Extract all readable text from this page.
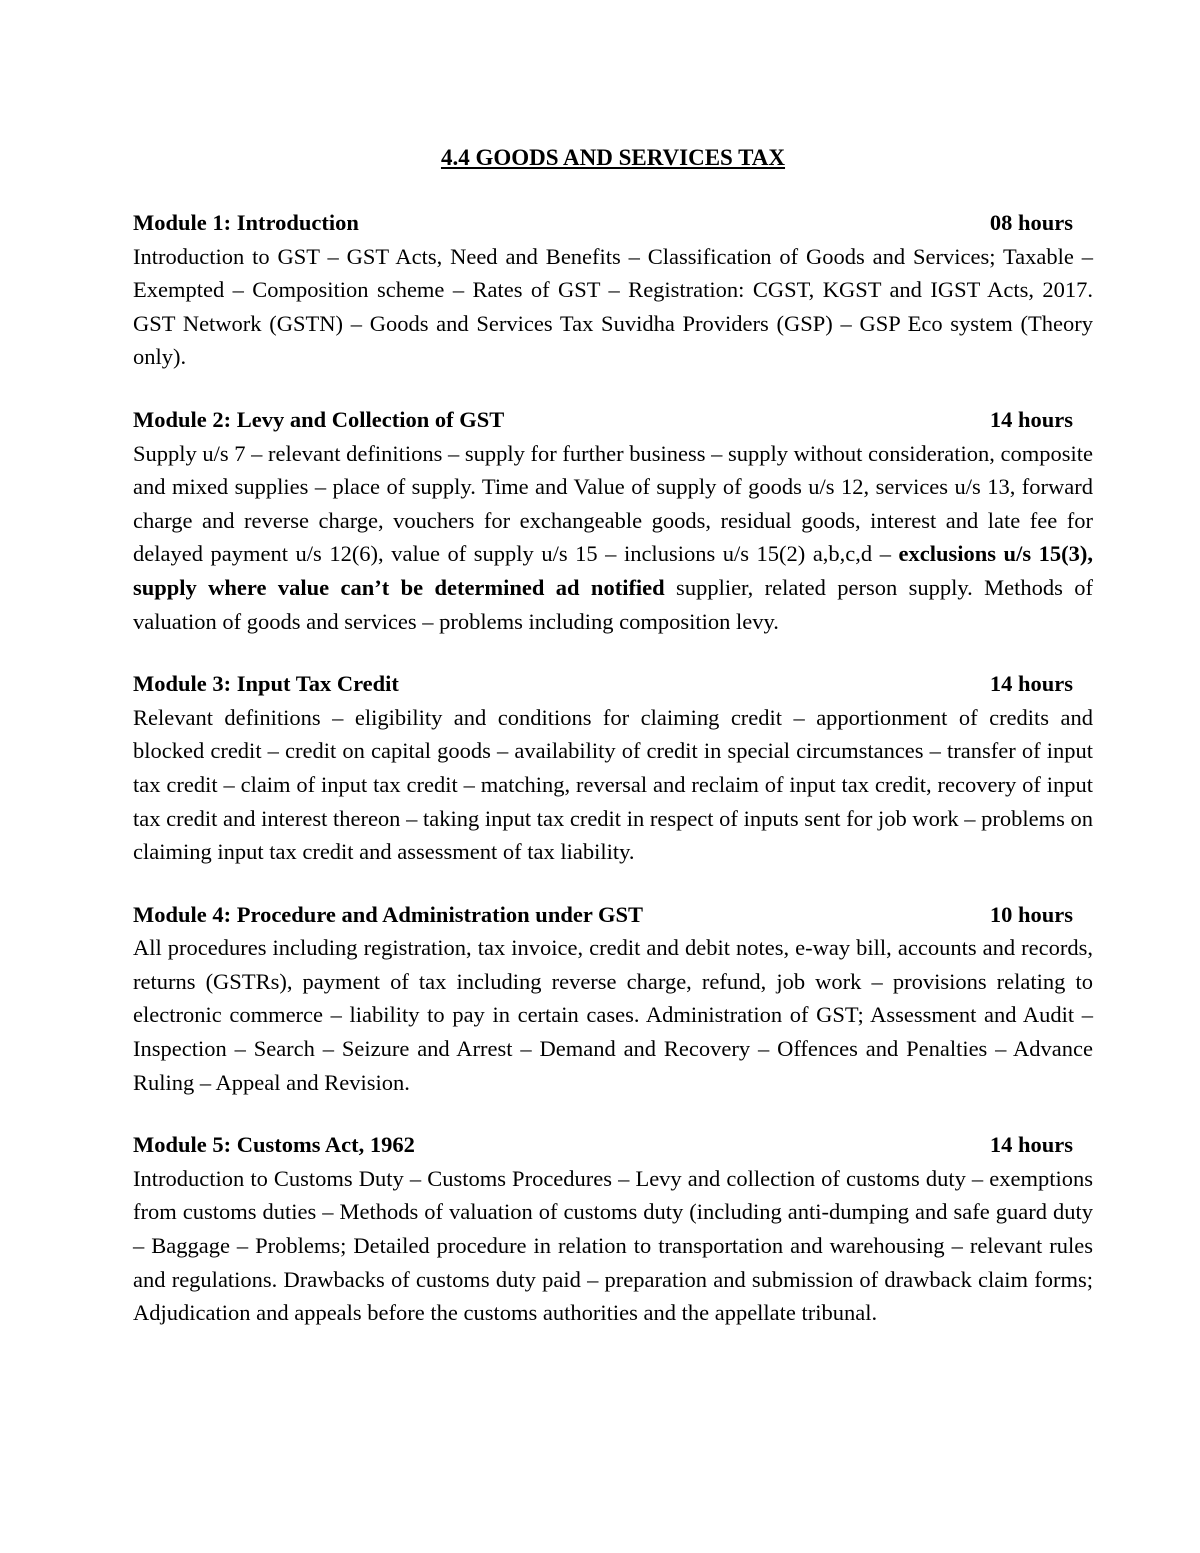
4.4 GOODS AND SERVICES TAX
Module 1: Introduction	08 hours

Introduction to GST – GST Acts, Need and Benefits – Classification of Goods and Services; Taxable – Exempted – Composition scheme – Rates of GST – Registration: CGST, KGST and IGST Acts, 2017. GST Network (GSTN) – Goods and Services Tax Suvidha Providers (GSP) – GSP Eco system (Theory only).

Module 2: Levy and Collection of GST	14 hours

Supply u/s 7 – relevant definitions – supply for further business – supply without consideration, composite and mixed supplies – place of supply. Time and Value of supply of goods u/s 12, services u/s 13, forward charge and reverse charge, vouchers for exchangeable goods, residual goods, interest and late fee for delayed payment u/s 12(6), value of supply u/s 15 – inclusions u/s 15(2) a,b,c,d – exclusions u/s 15(3), supply where value can’t be determined ad notified supplier, related person supply. Methods of valuation of goods and services – problems including composition levy.

Module 3: Input Tax Credit	14 hours

Relevant definitions – eligibility and conditions for claiming credit – apportionment of credits and blocked credit – credit on capital goods – availability of credit in special circumstances – transfer of input tax credit – claim of input tax credit – matching, reversal and reclaim of input tax credit, recovery of input tax credit and interest thereon – taking input tax credit in respect of inputs sent for job work – problems on claiming input tax credit and assessment of tax liability.

Module 4: Procedure and Administration under GST	10 hours

All procedures including registration, tax invoice, credit and debit notes, e-way bill, accounts and records, returns (GSTRs), payment of tax including reverse charge, refund, job work – provisions relating to electronic commerce – liability to pay in certain cases. Administration of GST; Assessment and Audit – Inspection – Search – Seizure and Arrest – Demand and Recovery – Offences and Penalties – Advance Ruling – Appeal and Revision.

Module 5: Customs Act, 1962	14 hours

Introduction to Customs Duty – Customs Procedures – Levy and collection of customs duty – exemptions from customs duties – Methods of valuation of customs duty (including anti-dumping and safe guard duty – Baggage – Problems; Detailed procedure in relation to transportation and warehousing – relevant rules and regulations. Drawbacks of customs duty paid – preparation and submission of drawback claim forms; Adjudication and appeals before the customs authorities and the appellate tribunal.
